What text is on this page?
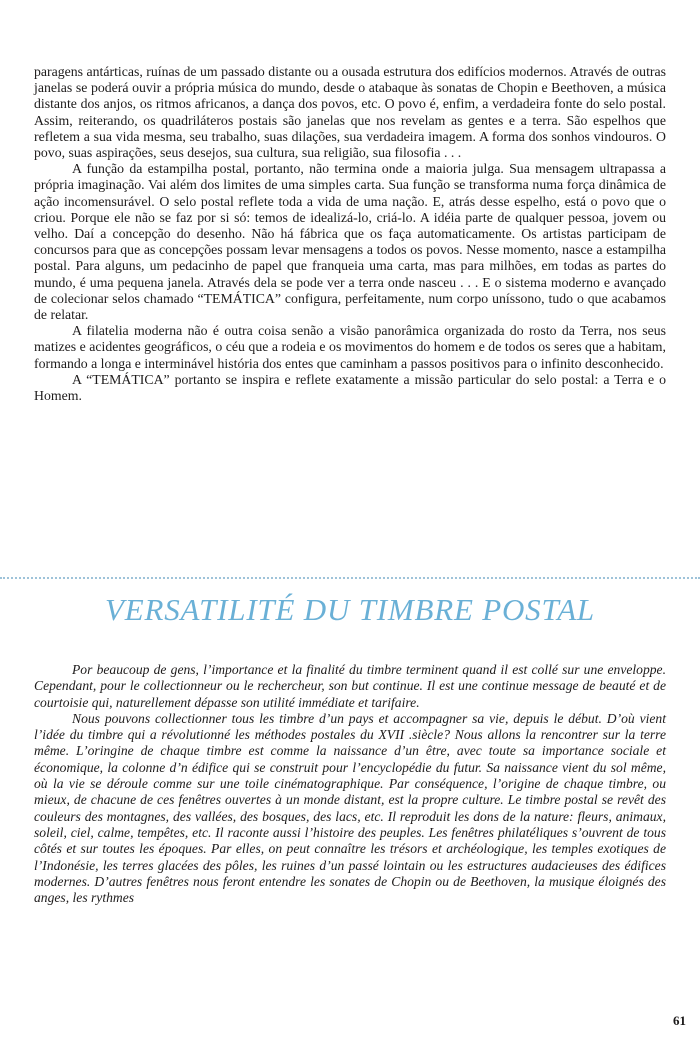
paragens antárticas, ruínas de um passado distante ou a ousada estrutura dos edifícios modernos. Através de outras janelas se poderá ouvir a própria música do mundo, desde o atabaque às sonatas de Chopin e Beethoven, a música distante dos anjos, os ritmos africanos, a dança dos povos, etc. O povo é, enfim, a verdadeira fonte do selo postal. Assim, reiterando, os quadriláteros postais são janelas que nos revelam as gentes e a terra. São espelhos que refletem a sua vida mesma, seu trabalho, suas dilações, sua verdadeira imagem. A forma dos sonhos vindouros. O povo, suas aspirações, seus desejos, sua cultura, sua religião, sua filosofia . . .

A função da estampilha postal, portanto, não termina onde a maioria julga. Sua mensagem ultrapassa a própria imaginação. Vai além dos limites de uma simples carta. Sua função se transforma numa força dinâmica de ação incomensurável. O selo postal reflete toda a vida de uma nação. E, atrás desse espelho, está o povo que o criou. Porque ele não se faz por si só: temos de idealizá-lo, criá-lo. A idéia parte de qualquer pessoa, jovem ou velho. Daí a concepção do desenho. Não há fábrica que os faça automaticamente. Os artistas participam de concursos para que as concepções possam levar mensagens a todos os povos. Nesse momento, nasce a estampilha postal. Para alguns, um pedacinho de papel que franqueia uma carta, mas para milhões, em todas as partes do mundo, é uma pequena janela. Através dela se pode ver a terra onde nasceu . . . E o sistema moderno e avançado de colecionar selos chamado “TEMÁTICA” configura, perfeitamente, num corpo uníssono, tudo o que acabamos de relatar.

A filatelia moderna não é outra coisa senão a visão panorâmica organizada do rosto da Terra, nos seus matizes e acidentes geográficos, o céu que a rodeia e os movimentos do homem e de todos os seres que a habitam, formando a longa e interminável história dos entes que caminham a passos positivos para o infinito desconhecido.

A “TEMÁTICA” portanto se inspira e reflete exatamente a missão particular do selo postal: a Terra e o Homem.

VERSATILITÉ DU TIMBRE POSTAL

Por beaucoup de gens, l’importance et la finalité du timbre terminent quand il est collé sur une enveloppe. Cependant, pour le collectionneur ou le rechercheur, son but continue. Il est une continue message de beauté et de courtoisie qui, naturellement dépasse son utilité immédiate et tarifaire.

Nous pouvons collectionner tous les timbre d’un pays et accompagner sa vie, depuis le début. D’où vient l’idée du timbre qui a révolutionné les méthodes postales du XVII .siècle? Nous allons la rencontrer sur la terre même. L’oringine de chaque timbre est comme la naissance d’un être, avec toute sa importance sociale et économique, la colonne d’n édifice qui se construit pour l’encyclopédie du futur. Sa naissance vient du sol même, où la vie se déroule comme sur une toile cinématographique. Par conséquence, l’origine de chaque timbre, ou mieux, de chacune de ces fenêtres ouvertes à un monde distant, est la propre culture. Le timbre postal se revêt des couleurs des montagnes, des vallées, des bosques, des lacs, etc. Il reproduit les dons de la nature: fleurs, animaux, soleil, ciel, calme, tempêtes, etc. Il raconte aussi l’histoire des peuples. Les fenêtres philatéliques s’ouvrent de tous côtés et sur toutes les époques. Par elles, on peut connaître les trésors et archéologique, les temples exotiques de l’Indonésie, les terres glacées des pôles, les ruines d’un passé lointain ou les estructures audacieuses des édifices modernes. D’autres fenêtres nous feront entendre les sonates de Chopin ou de Beethoven, la musique éloignés des anges, les rythmes

61
